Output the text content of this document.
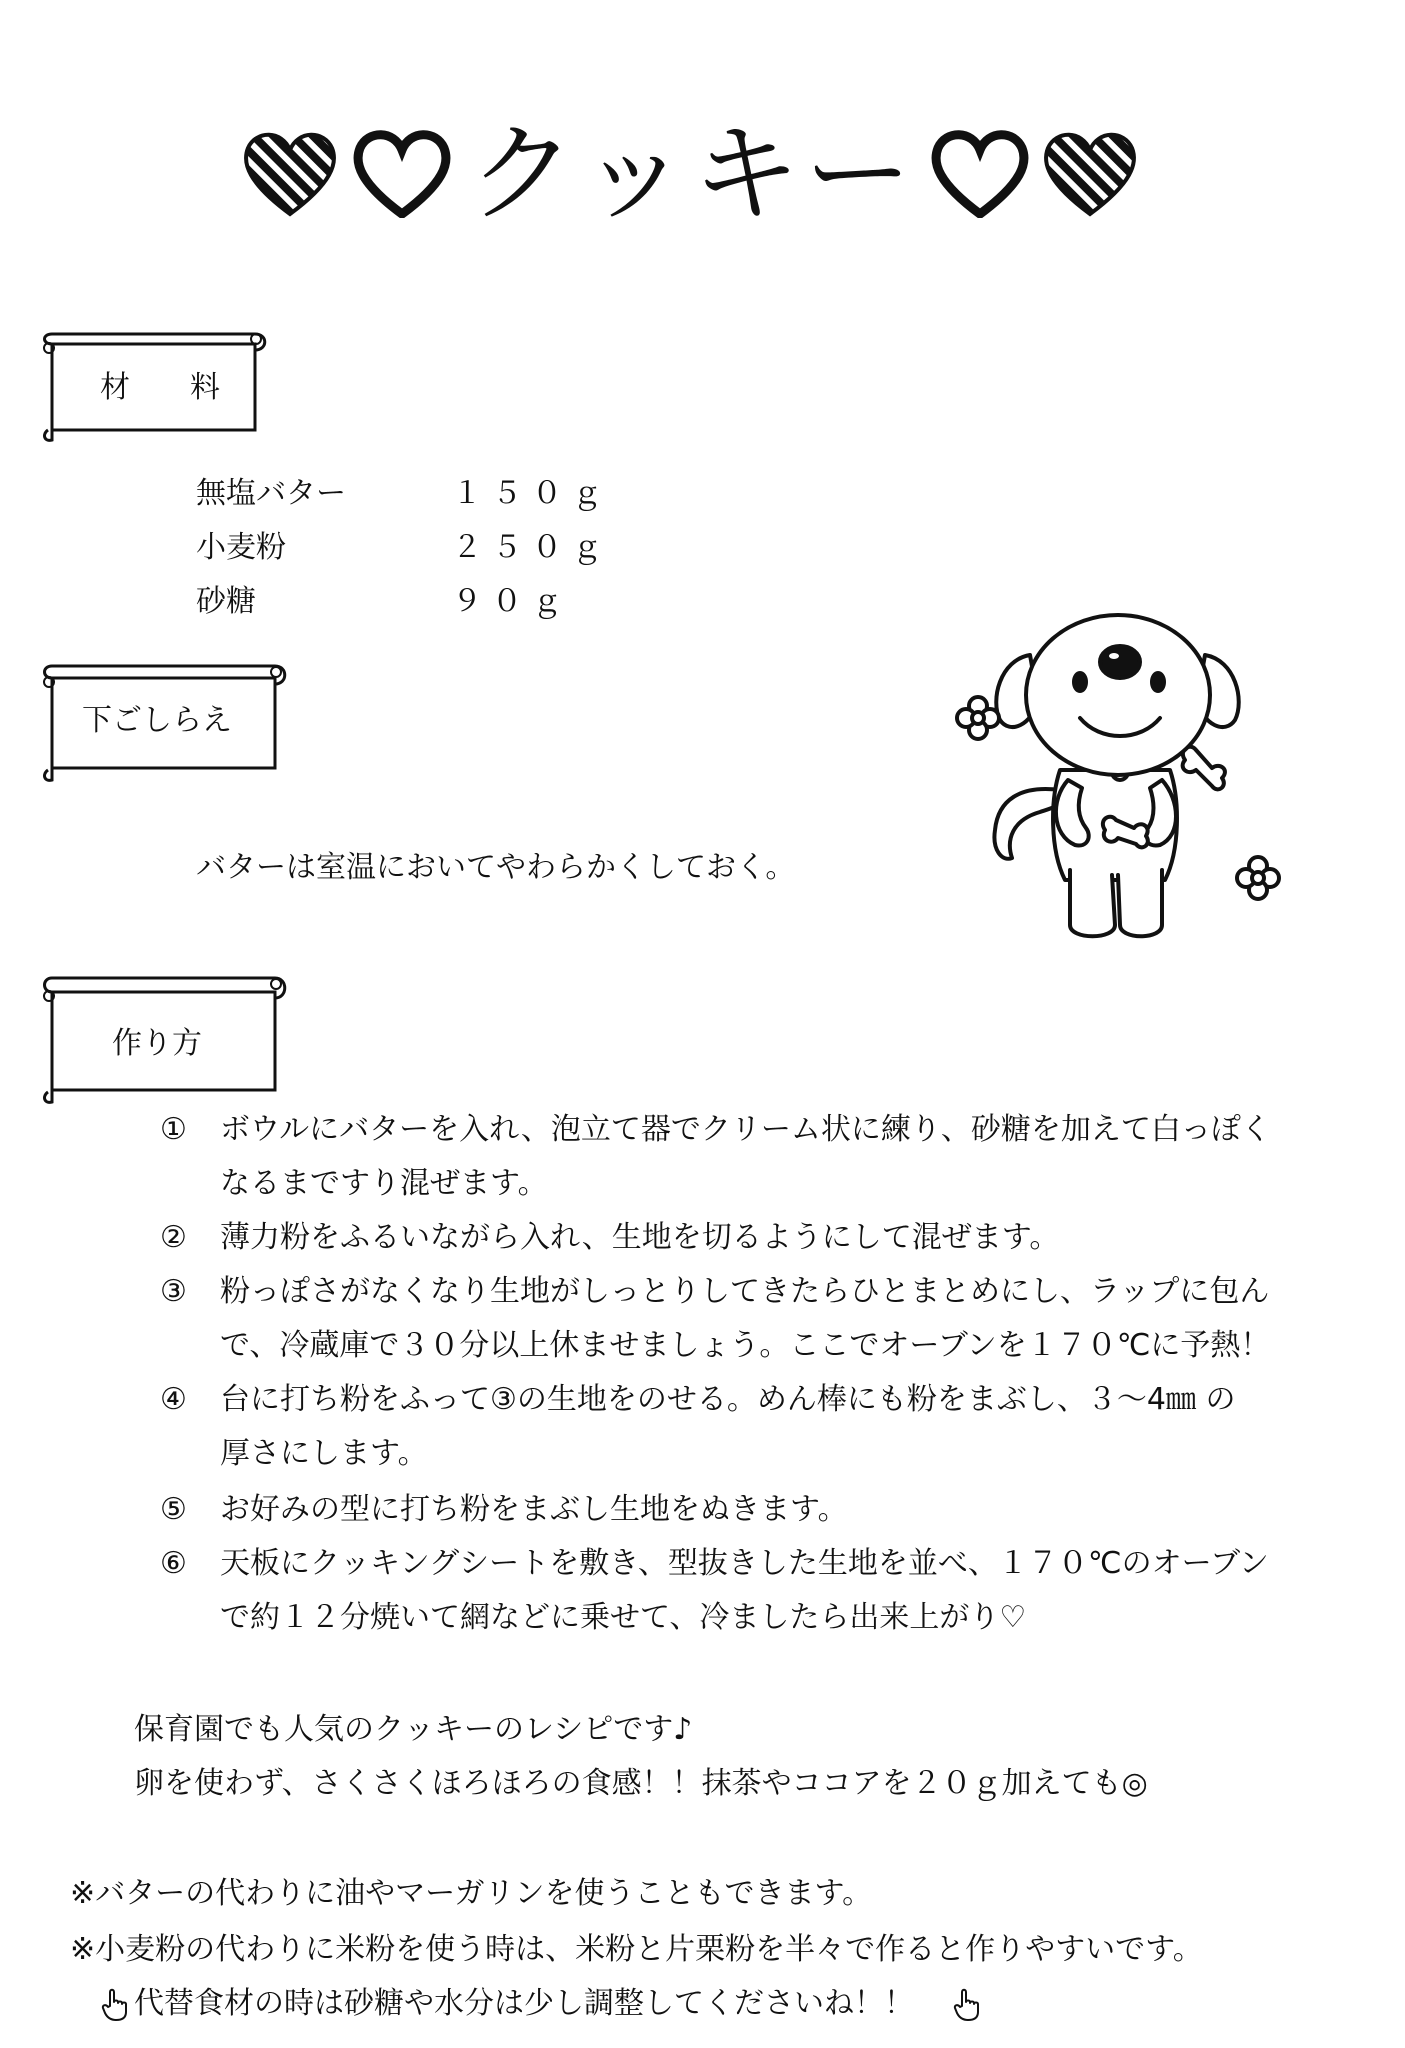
クッキー
材　　料
無塩バター	１５０ｇ
小麦粉	２５０ｇ
砂糖	９０ｇ
下ごしらえ
バターは室温においてやわらかくしておく。
作り方
① ボウルにバターを入れ、泡立て器でクリーム状に練り、砂糖を加えて白っぽく
なるまですり混ぜます。
② 薄力粉をふるいながら入れ、生地を切るようにして混ぜます。
③ 粉っぽさがなくなり生地がしっとりしてきたらひとまとめにし、ラップに包ん
で、冷蔵庫で３０分以上休ませましょう。ここでオーブンを１７０℃に予熱！
④ 台に打ち粉をふって③の生地をのせる。めん棒にも粉をまぶし、３～4㎜ の
厚さにします。
⑤ お好みの型に打ち粉をまぶし生地をぬきます。
⑥ 天板にクッキングシートを敷き、型抜きした生地を並べ、１７０℃のオーブン
で約１２分焼いて網などに乗せて、冷ましたら出来上がり♡
保育園でも人気のクッキーのレシピです♪
卵を使わず、さくさくほろほろの食感！！抹茶やココアを２０ｇ加えても◎
※バターの代わりに油やマーガリンを使うこともできます。
※小麦粉の代わりに米粉を使う時は、米粉と片栗粉を半々で作ると作りやすいです。
代替食材の時は砂糖や水分は少し調整してくださいね！！
